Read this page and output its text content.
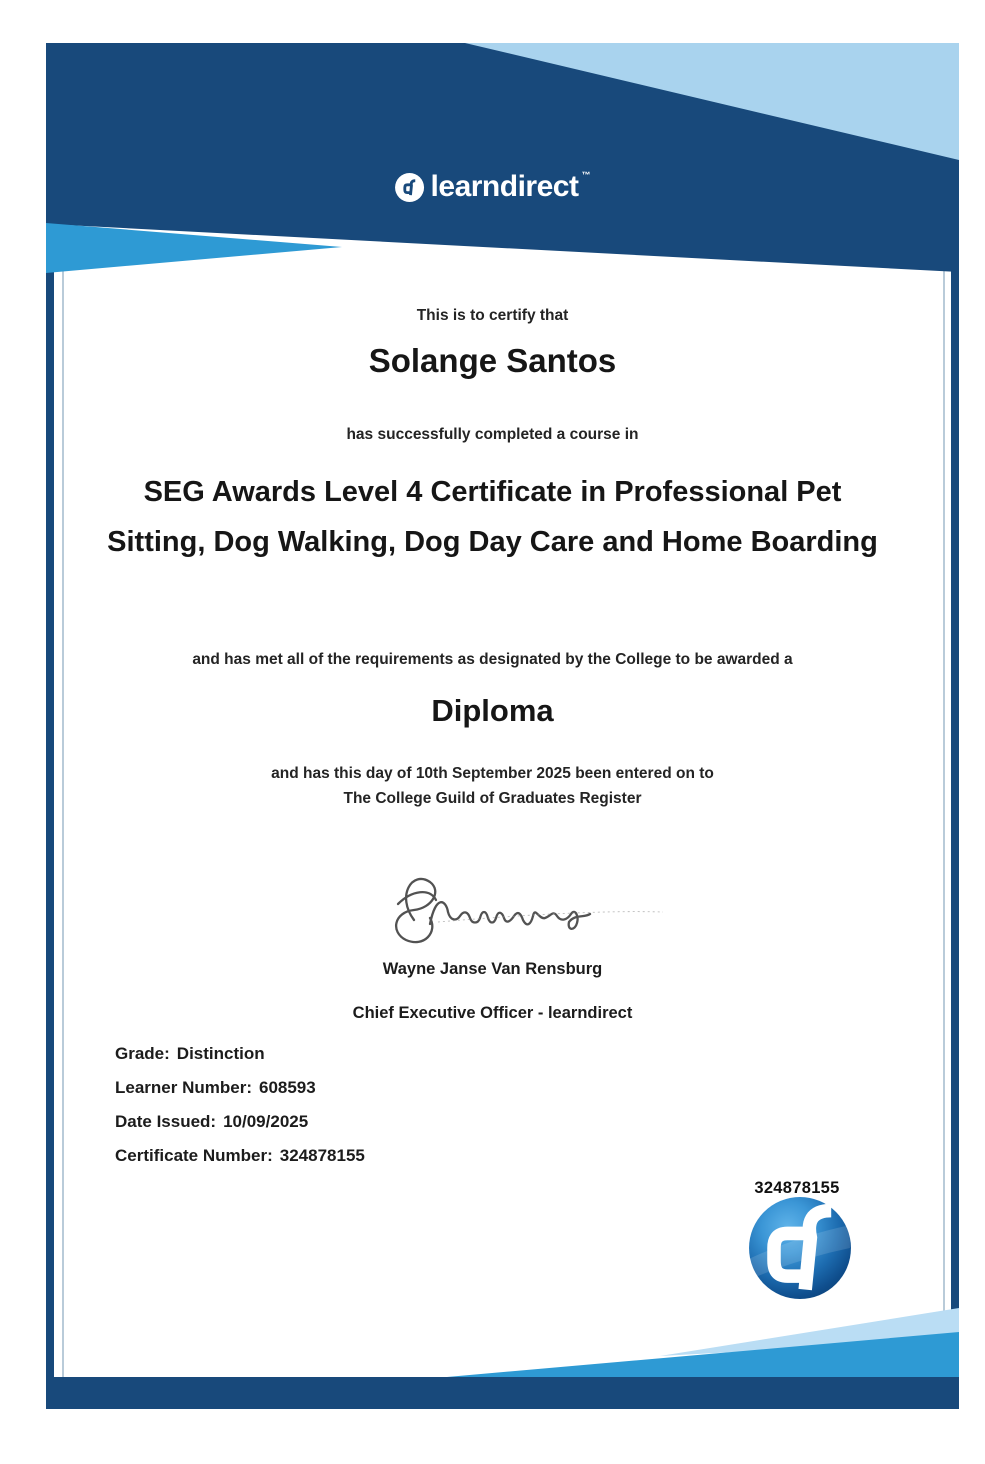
learndirect ™
This is to certify that
Solange Santos
has successfully completed a course in
SEG Awards Level 4 Certificate in Professional Pet Sitting, Dog Walking, Dog Day Care and Home Boarding
and has met all of the requirements as designated by the College to be awarded a
Diploma
and has this day of 10th September 2025 been entered on to
The College Guild of Graduates Register
Wayne Janse Van Rensburg
Chief Executive Officer - learndirect
Grade: Distinction
Learner Number: 608593
Date Issued: 10/09/2025
Certificate Number: 324878155
324878155
